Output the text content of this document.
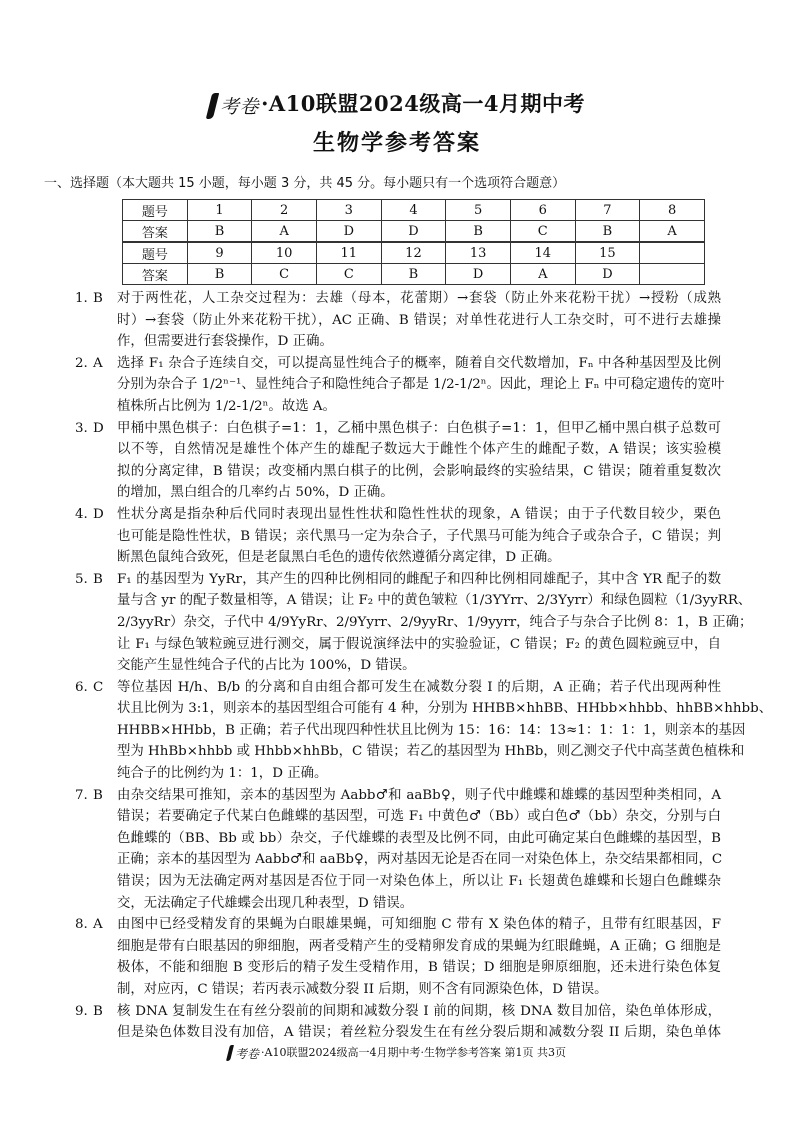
考卷 ·A10联盟2024级高一4月期中考
生物学参考答案
一、选择题（本大题共 15 小题，每小题 3 分，共 45 分。每小题只有一个选项符合题意）
题号	1	2	3	4	5	6	7	8
答案	B	A	D	D	B	C	B	A
题号	9	10	11	12	13	14	15	
答案	B	C	C	B	D	A	D	
1. B 对于两性花，人工杂交过程为：去雄（母本，花蕾期）→套袋（防止外来花粉干扰）→授粉（成熟
时）→套袋（防止外来花粉干扰），AC 正确、B 错误；对单性花进行人工杂交时，可不进行去雄操
作，但需要进行套袋操作，D 正确。
2. A 选择 F₁ 杂合子连续自交，可以提高显性纯合子的概率，随着自交代数增加，Fₙ 中各种基因型及比例
分别为杂合子 1/2ⁿ⁻¹、显性纯合子和隐性纯合子都是 1/2-1/2ⁿ。因此，理论上 Fₙ 中可稳定遗传的宽叶
植株所占比例为 1/2-1/2ⁿ。故选 A。
3. D 甲桶中黑色棋子：白色棋子=1：1，乙桶中黑色棋子：白色棋子=1：1，但甲乙桶中黑白棋子总数可
以不等，自然情况是雄性个体产生的雄配子数远大于雌性个体产生的雌配子数，A 错误；该实验模
拟的分离定律，B 错误；改变桶内黑白棋子的比例，会影响最终的实验结果，C 错误；随着重复数次
的增加，黑白组合的几率约占 50%，D 正确。
4. D 性状分离是指杂种后代同时表现出显性性状和隐性性状的现象，A 错误；由于子代数目较少，栗色
也可能是隐性性状，B 错误；亲代黑马一定为杂合子，子代黑马可能为纯合子或杂合子，C 错误；判
断黑色鼠纯合致死，但是老鼠黑白毛色的遗传依然遵循分离定律，D 正确。
5. B F₁ 的基因型为 YyRr，其产生的四种比例相同的雌配子和四种比例相同雄配子，其中含 YR 配子的数
量与含 yr 的配子数量相等，A 错误；让 F₂ 中的黄色皱粒（1/3YYrr、2/3Yyrr）和绿色圆粒（1/3yyRR、
2/3yyRr）杂交，子代中 4/9YyRr、2/9Yyrr、2/9yyRr、1/9yyrr，纯合子与杂合子比例 8：1，B 正确；
让 F₁ 与绿色皱粒豌豆进行测交，属于假说演绎法中的实验验证，C 错误；F₂ 的黄色圆粒豌豆中，自
交能产生显性纯合子代的占比为 100%，D 错误。
6. C 等位基因 H/h、B/b 的分离和自由组合都可发生在减数分裂 I 的后期，A 正确；若子代出现两种性
状且比例为 3:1，则亲本的基因型组合可能有 4 种，分别为 HHBB×hhBB、HHbb×hhbb、hhBB×hhbb、
HHBB×HHbb，B 正确；若子代出现四种性状且比例为 15：16：14：13≈1：1：1：1，则亲本的基因
型为 HhBb×hhbb 或 Hhbb×hhBb，C 错误；若乙的基因型为 HhBb，则乙测交子代中高茎黄色植株和
纯合子的比例约为 1：1，D 正确。
7. B 由杂交结果可推知，亲本的基因型为 Aabb♂和 aaBb♀，则子代中雌蝶和雄蝶的基因型种类相同，A
错误；若要确定子代某白色雌蝶的基因型，可选 F₁ 中黄色♂（Bb）或白色♂（bb）杂交，分别与白
色雌蝶的（BB、Bb 或 bb）杂交，子代雄蝶的表型及比例不同，由此可确定某白色雌蝶的基因型，B
正确；亲本的基因型为 Aabb♂和 aaBb♀，两对基因无论是否在同一对染色体上，杂交结果都相同，C
错误；因为无法确定两对基因是否位于同一对染色体上，所以让 F₁ 长翅黄色雄蝶和长翅白色雌蝶杂
交，无法确定子代雄蝶会出现几种表型，D 错误。
8. A 由图中已经受精发育的果蝇为白眼雄果蝇，可知细胞 C 带有 X 染色体的精子，且带有红眼基因，F
细胞是带有白眼基因的卵细胞，两者受精产生的受精卵发育成的果蝇为红眼雌蝇，A 正确；G 细胞是
极体，不能和细胞 B 变形后的精子发生受精作用，B 错误；D 细胞是卵原细胞，还未进行染色体复
制，对应丙，C 错误；若丙表示减数分裂 II 后期，则不含有同源染色体，D 错误。
9. B 核 DNA 复制发生在有丝分裂前的间期和减数分裂 I 前的间期，核 DNA 数目加倍，染色单体形成，
但是染色体数目没有加倍，A 错误；着丝粒分裂发生在有丝分裂后期和减数分裂 II 后期，染色单体
考卷 ·A10联盟2024级高一4月期中考·生物学参考答案 第1页 共3页
